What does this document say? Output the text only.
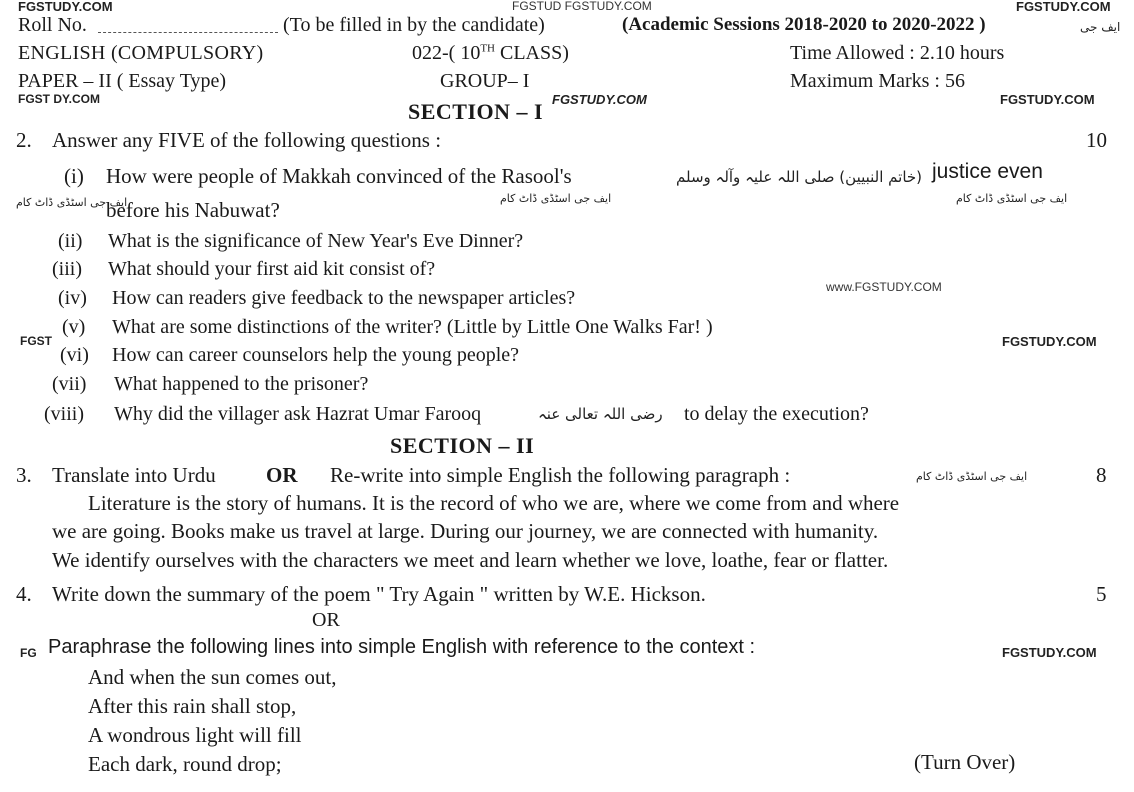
FGSTUDY.COM	FGSTUD FGSTUDY.COM	FGSTUDY.COM
Roll No.	(To be filled in by the candidate)	(Academic Sessions 2018-2020 to 2020-2022 )	ایف جی
ENGLISH (COMPULSORY)	022-( 10TH CLASS)	Time Allowed : 2.10 hours
PAPER – II ( Essay Type)	GROUP– I	Maximum Marks : 56
FGST DY.COM	FGSTUDY.COM	FGSTUDY.COM
SECTION – I
2. Answer any FIVE of the following questions :	10
(i) How were people of Makkah convinced of the Rasool's	(خاتم النبیین) صلی اللہ علیہ وآلہ وسلم justice even
ایف جی اسٹڈی ڈاٹ کام
before his Nabuwat?	ایف جی اسٹڈی ڈاٹ کام	ایف جی اسٹڈی ڈاٹ کام
(ii) What is the significance of New Year's Eve Dinner?
(iii) What should your first aid kit consist of?
(iv) How can readers give feedback to the newspaper articles?	www.FGSTUDY.COM
FGST
(v) What are some distinctions of the writer? (Little by Little One Walks Far! )
FGSTUDY.COM
(vi) How can career counselors help the young people?
(vii) What happened to the prisoner?
(viii) Why did the villager ask Hazrat Umar Farooq	رضی اللہ تعالی عنہ to delay the execution?
SECTION – II
3. Translate into Urdu OR Re-write into simple English the following paragraph :	ایف جی اسٹڈی ڈاٹ کام	8
Literature is the story of humans. It is the record of who we are, where we come from and where
we are going. Books make us travel at large. During our journey, we are connected with humanity.
We identify ourselves with the characters we meet and learn whether we love, loathe, fear or flatter.
4. Write down the summary of the poem " Try Again " written by W.E. Hickson.	5
OR
FG Paraphrase the following lines into simple English with reference to the context :	FGSTUDY.COM
And when the sun comes out,
After this rain shall stop,
A wondrous light will fill
Each dark, round drop;	(Turn Over)
